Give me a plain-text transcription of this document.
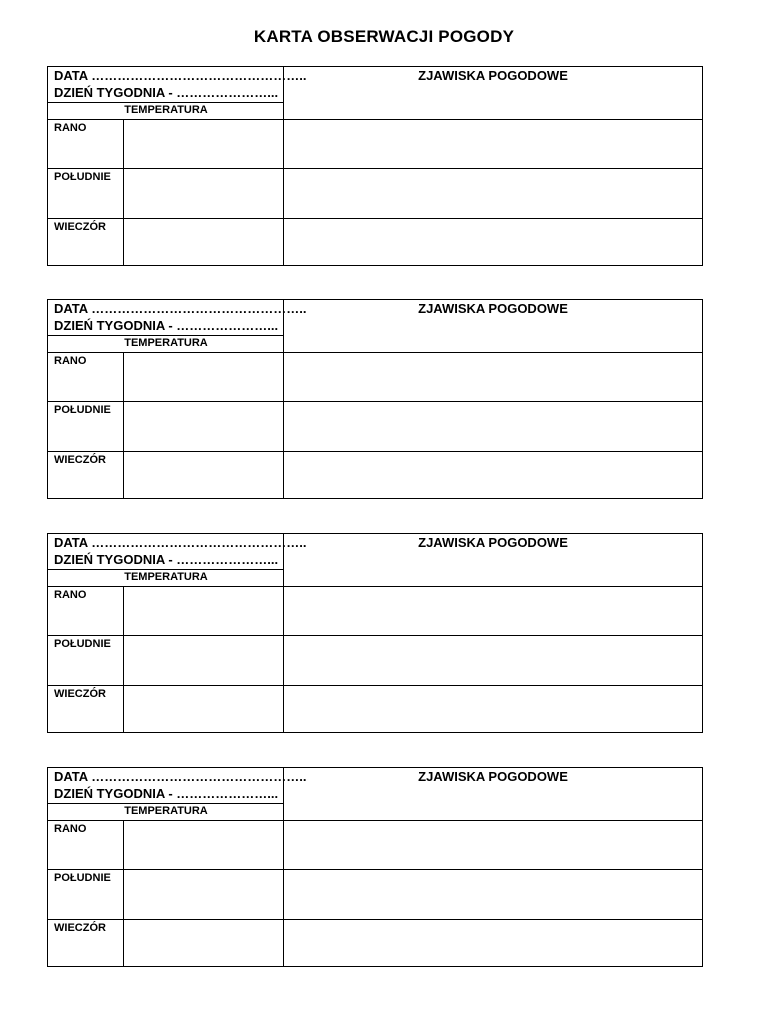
KARTA OBSERWACJI POGODY
DATA …………………………………………..
DZIEŃ TYGODNIA - …………………...
TEMPERATURA
ZJAWISKA POGODOWE
RANO
POŁUDNIE
WIECZÓR
DATA …………………………………………..
DZIEŃ TYGODNIA - …………………...
TEMPERATURA
ZJAWISKA POGODOWE
RANO
POŁUDNIE
WIECZÓR
DATA …………………………………………..
DZIEŃ TYGODNIA - …………………...
TEMPERATURA
ZJAWISKA POGODOWE
RANO
POŁUDNIE
WIECZÓR
DATA …………………………………………..
DZIEŃ TYGODNIA - …………………...
TEMPERATURA
ZJAWISKA POGODOWE
RANO
POŁUDNIE
WIECZÓR
